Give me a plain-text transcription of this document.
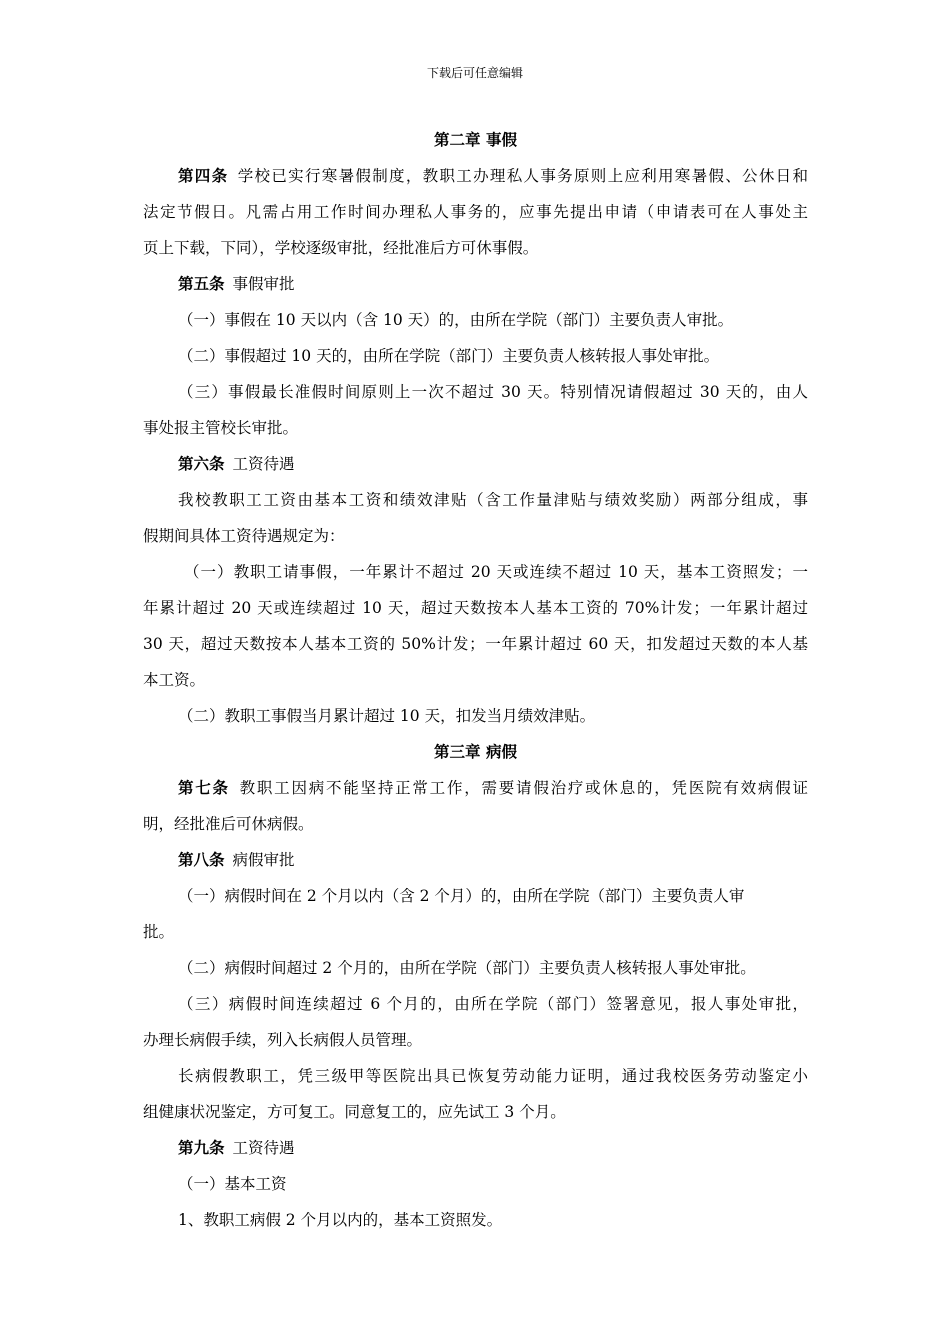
下载后可任意编辑
第二章 事假
第四条 学校已实行寒暑假制度，教职工办理私人事务原则上应利用寒暑假、公休日和
法定节假日。凡需占用工作时间办理私人事务的，应事先提出申请（申请表可在人事处主
页上下载，下同），学校逐级审批，经批准后方可休事假。
第五条 事假审批
（一）事假在 10 天以内（含 10 天）的，由所在学院（部门）主要负责人审批。
（二）事假超过 10 天的，由所在学院（部门）主要负责人核转报人事处审批。
（三）事假最长准假时间原则上一次不超过 30 天。特别情况请假超过 30 天的，由人
事处报主管校长审批。
第六条 工资待遇
我校教职工工资由基本工资和绩效津贴（含工作量津贴与绩效奖励）两部分组成，事
假期间具体工资待遇规定为：
（一）教职工请事假，一年累计不超过 20 天或连续不超过 10 天，基本工资照发；一
年累计超过 20 天或连续超过 10 天，超过天数按本人基本工资的 70%计发；一年累计超过
30 天，超过天数按本人基本工资的 50%计发；一年累计超过 60 天，扣发超过天数的本人基
本工资。
（二）教职工事假当月累计超过 10 天，扣发当月绩效津贴。
第三章 病假
第七条 教职工因病不能坚持正常工作，需要请假治疗或休息的，凭医院有效病假证
明，经批准后可休病假。
第八条 病假审批
（一）病假时间在 2 个月以内（含 2 个月）的，由所在学院（部门）主要负责人审
批。
（二）病假时间超过 2 个月的，由所在学院（部门）主要负责人核转报人事处审批。
（三）病假时间连续超过 6 个月的，由所在学院（部门）签署意见，报人事处审批，
办理长病假手续，列入长病假人员管理。
长病假教职工，凭三级甲等医院出具已恢复劳动能力证明，通过我校医务劳动鉴定小
组健康状况鉴定，方可复工。同意复工的，应先试工 3 个月。
第九条 工资待遇
（一）基本工资
1、教职工病假 2 个月以内的，基本工资照发。
